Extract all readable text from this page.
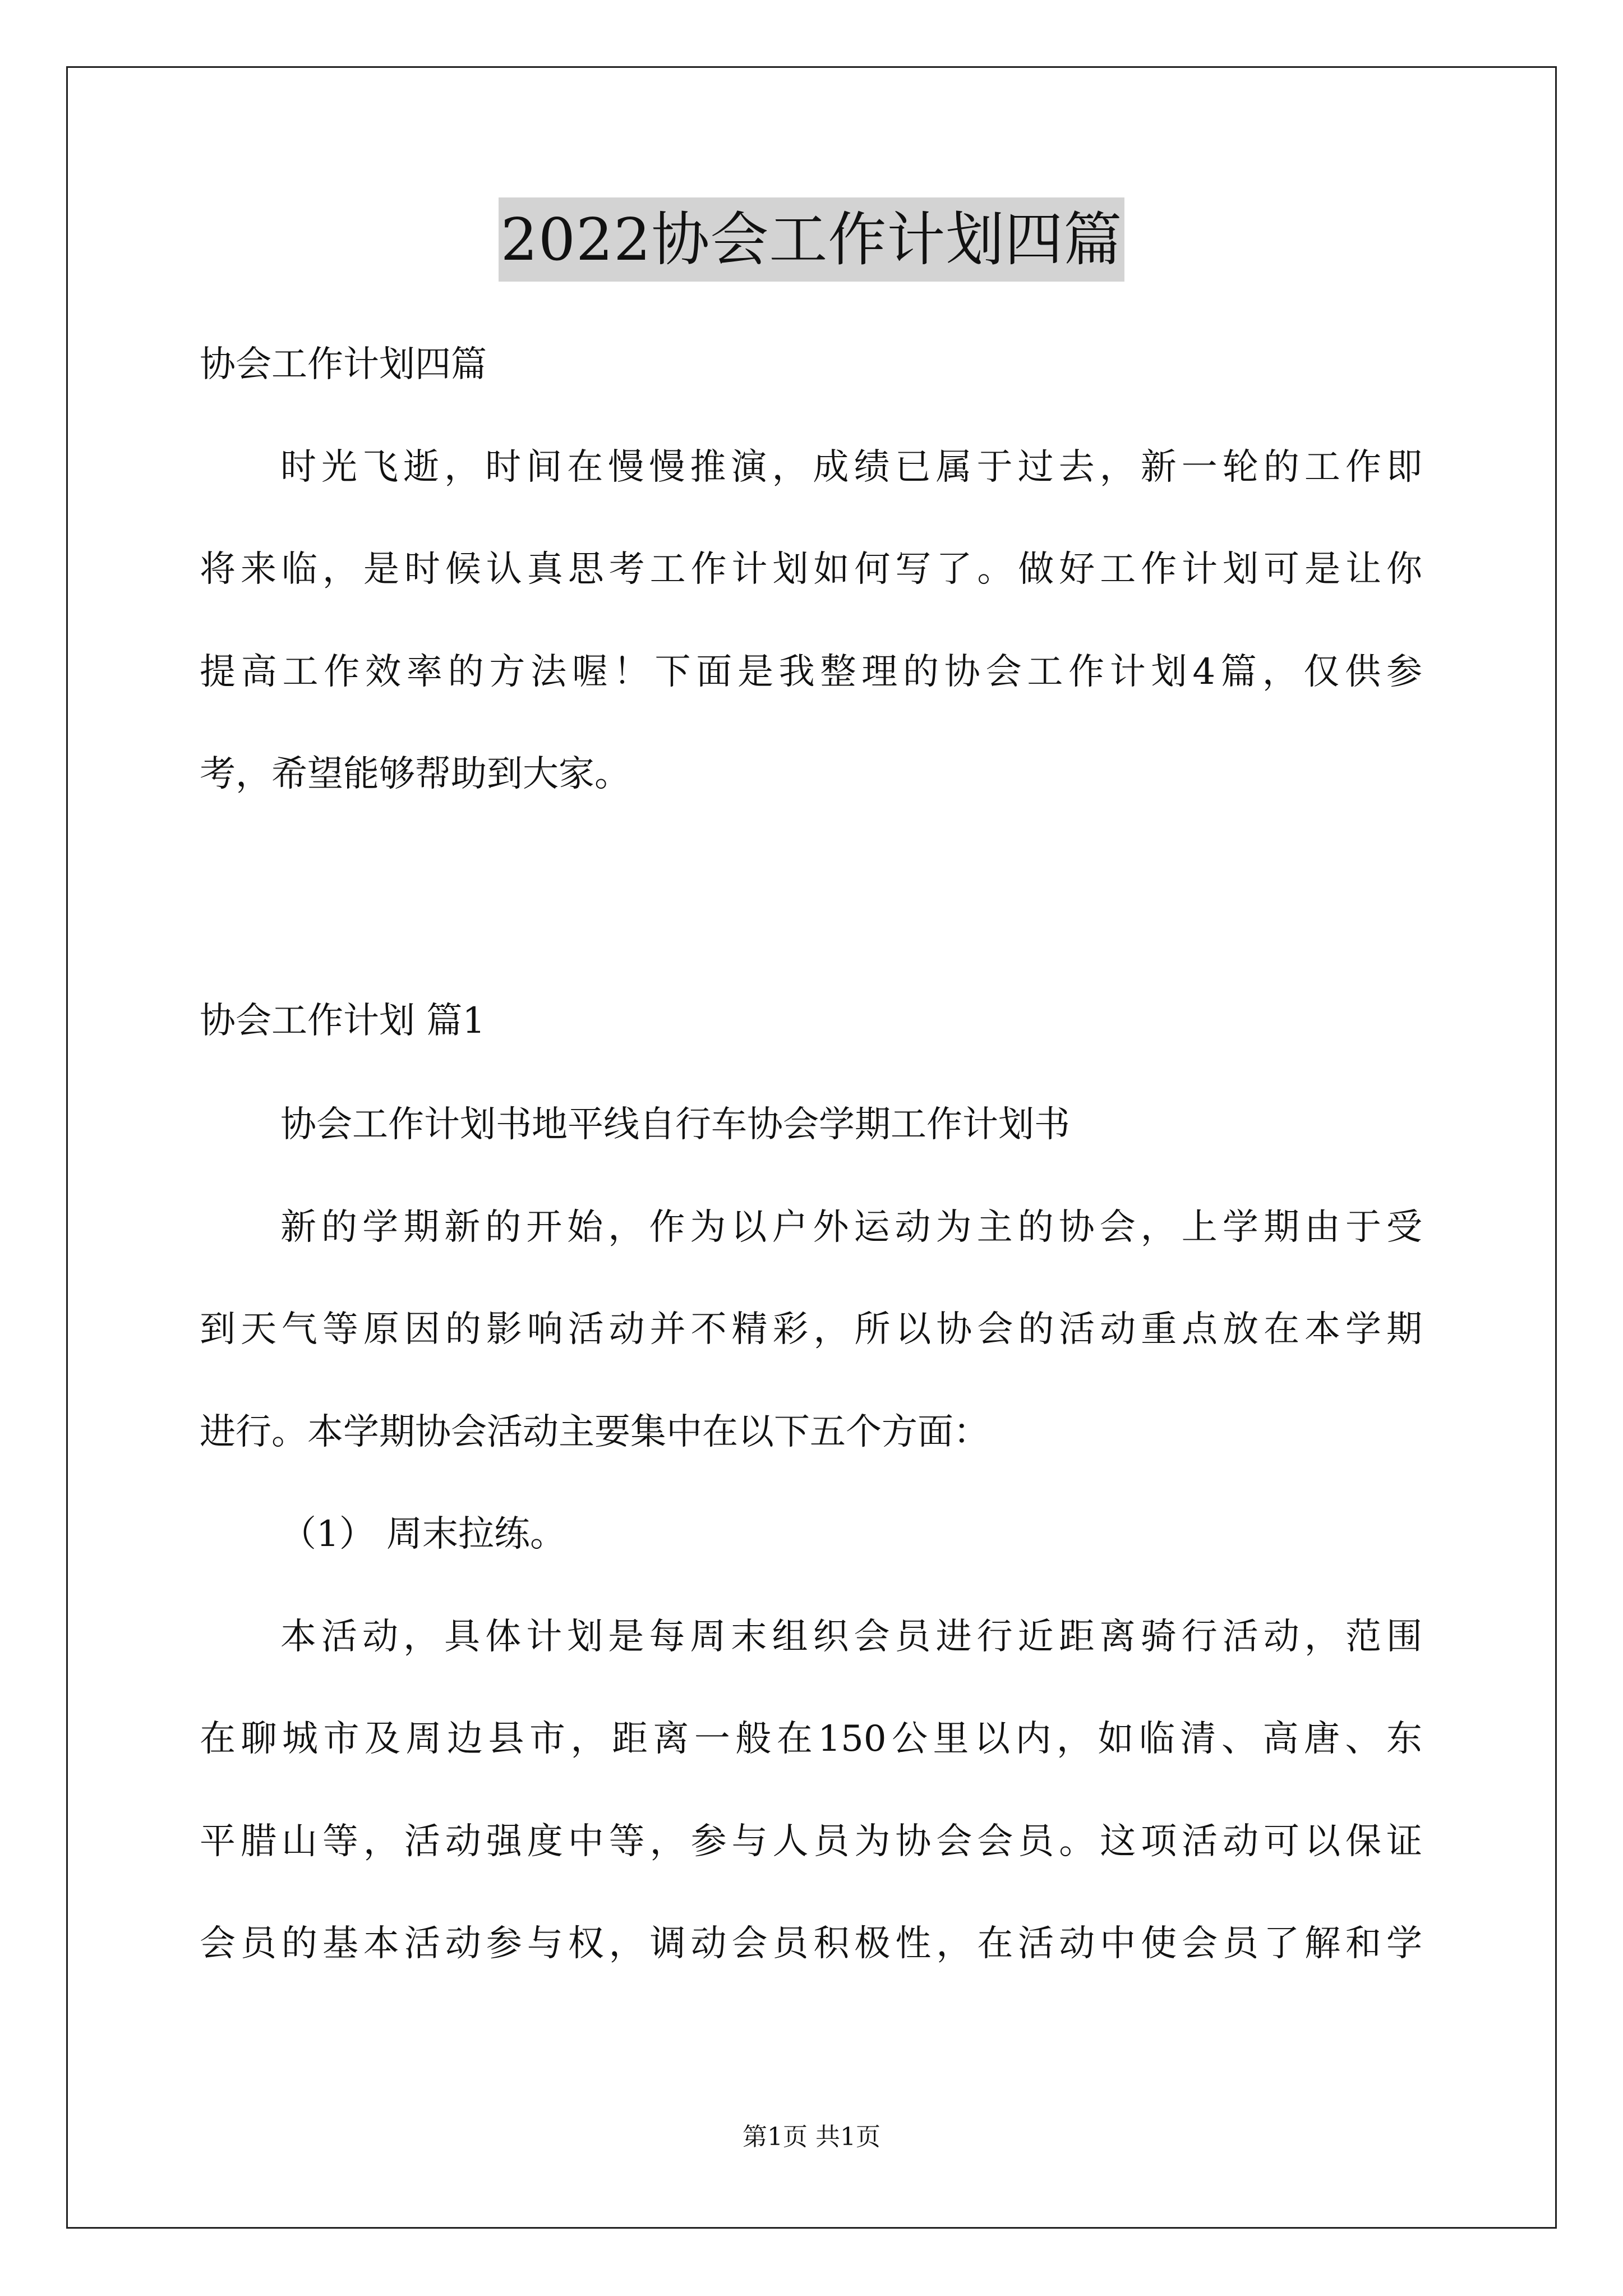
2022协会工作计划四篇
协会工作计划四篇
时光飞逝，时间在慢慢推演，成绩已属于过去，新一轮的工作即
将来临，是时候认真思考工作计划如何写了。做好工作计划可是让你
提高工作效率的方法喔！下面是我整理的协会工作计划4篇，仅供参
考，希望能够帮助到大家。
协会工作计划 篇1
协会工作计划书地平线自行车协会学期工作计划书
新的学期新的开始，作为以户外运动为主的协会，上学期由于受
到天气等原因的影响活动并不精彩，所以协会的活动重点放在本学期
进行。本学期协会活动主要集中在以下五个方面：
（1） 周末拉练。
本活动，具体计划是每周末组织会员进行近距离骑行活动，范围
在聊城市及周边县市，距离一般在150公里以内，如临清、高唐、东
平腊山等，活动强度中等，参与人员为协会会员。这项活动可以保证
会员的基本活动参与权，调动会员积极性，在活动中使会员了解和学
第1页 共1页
